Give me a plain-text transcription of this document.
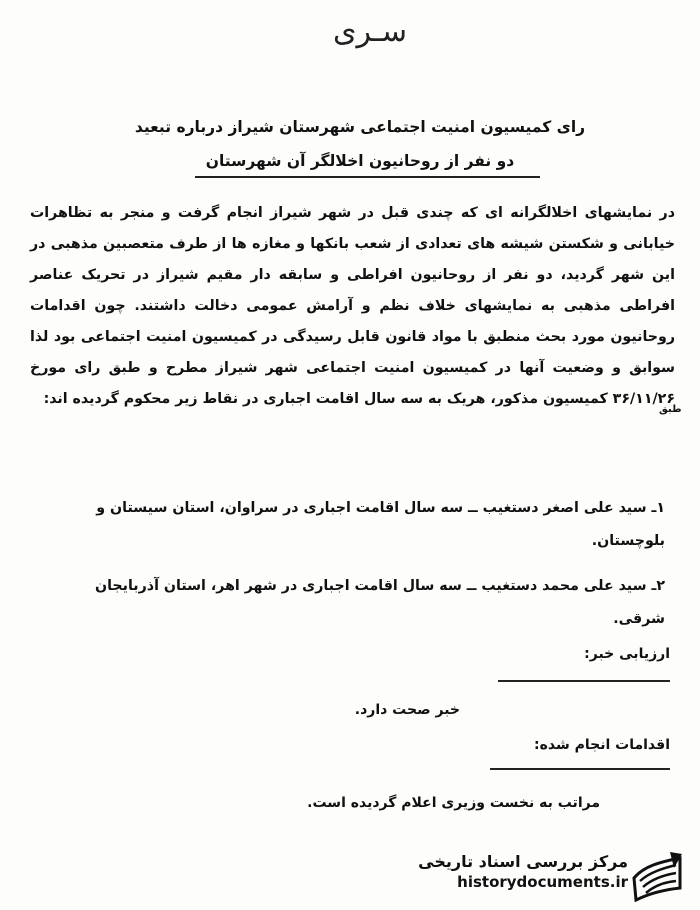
سـری
رای کمیسیون امنیت اجتماعی شهرستان شیراز درباره تبعید
دو نفر از روحانیون اخلالگر آن شهرستان
در نمایشهای اخلالگرانه ای که چندی قبل در شهر شیراز انجام گرفت و منجر به تظاهرات خیابانی و شکستن شیشه های تعدادی از شعب بانکها و مغازه ها از طرف متعصبین مذهبی در این شهر گردید، دو نفر از روحانیون افراطی و سابقه دار مقیم شیراز در تحریک عناصر افراطی مذهبی به نمایشهای خلاف نظم و آرامش عمومی دخالت داشتند. چون اقدامات روحانیون مورد بحث منطبق با مواد قانون قابل رسیدگی در کمیسیون امنیت اجتماعی بود لذا سوابق و وضعیت آنها در کمیسیون امنیت اجتماعی شهر شیراز مطرح و طبق رای مورخ ۳۶/۱۱/۲۶ کمیسیون مذکور، هریک به سه سال اقامت اجباری در نقاط زیر محکوم گردیده اند:
طبق
۱ـ سید علی اصغر دستغیب ــ سه سال اقامت اجباری در سراوان، استان سیستان و بلوچستان.
۲ـ سید علی محمد دستغیب ــ سه سال اقامت اجباری در شهر اهر، استان آذربایجان شرقی.
ارزیابی خبر:
خبر صحت دارد.
اقدامات انجام شده:
مراتب به نخست وزیری اعلام گردیده است.
مرکز بررسی اسناد تاریخی
historydocuments.ir
